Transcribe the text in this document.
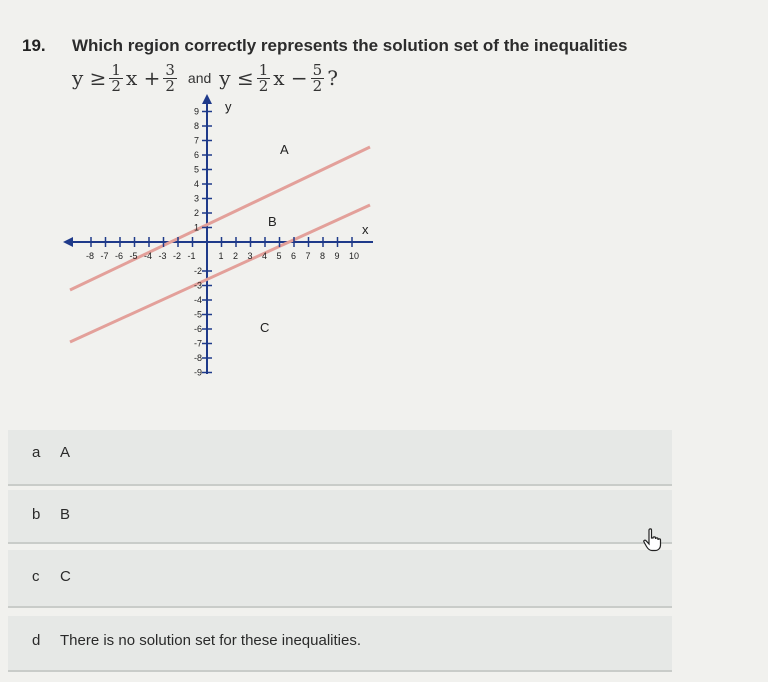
19. Which region correctly represents the solution set of the inequalities
$y \ge \frac{1}{2}$ $x + \frac{3}{2}$ and $y \le \frac{1}{2}$ $x - \frac{5}{2}$ ?
y
x
A
B
C
-8 -7 -6 -5 -4 -3 -2 -1	1 2 3 4 5 6 7 8 9 10
9
8
7
6
5
4
3
2
1
-2
-3
-4
-5
-6
-7
-8
-9
a A
b B
c C
d There is no solution set for these inequalities.
